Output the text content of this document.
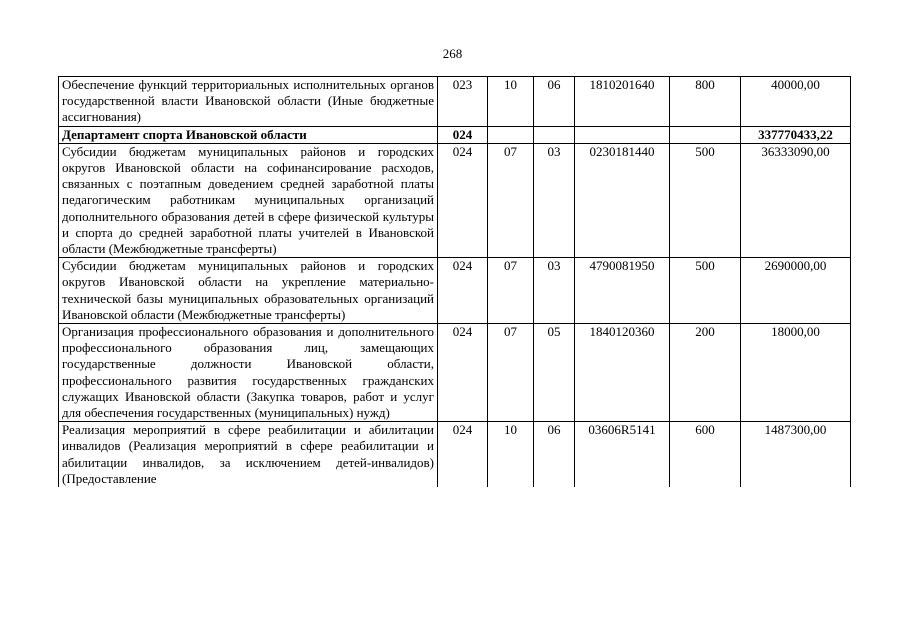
268
Обеспечение функций территориальных исполнительных органов государственной власти Ивановской области (Иные бюджетные ассигнования)	023	10	06	1810201640	800	40000,00
Департамент спорта Ивановской области	024					337770433,22
Субсидии бюджетам муниципальных районов и городских округов Ивановской области на софинансирование расходов, связанных с поэтапным доведением средней заработной платы педагогическим работникам муниципальных организаций дополнительного образования детей в сфере физической культуры и спорта до средней заработной платы учителей в Ивановской области (Межбюджетные трансферты)	024	07	03	0230181440	500	36333090,00
Субсидии бюджетам муниципальных районов и городских округов Ивановской области на укрепление материально-технической базы муниципальных образовательных организаций Ивановской области (Межбюджетные трансферты)	024	07	03	4790081950	500	2690000,00
Организация профессионального образования и дополнительного профессионального образования лиц, замещающих государственные должности Ивановской области, профессионального развития государственных гражданских служащих Ивановской области (Закупка товаров, работ и услуг для обеспечения государственных (муниципальных) нужд)	024	07	05	1840120360	200	18000,00
Реализация мероприятий в сфере реабилитации и абилитации инвалидов (Реализация мероприятий в сфере реабилитации и абилитации инвалидов, за исключением детей-инвалидов) (Предоставление	024	10	06	03606R5141	600	1487300,00
